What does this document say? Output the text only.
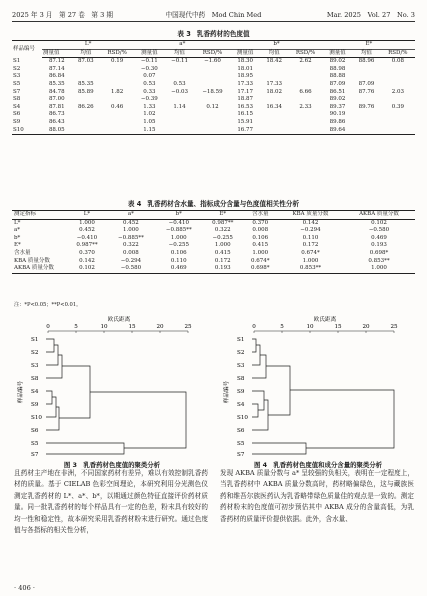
2025 年 3 月　第 27 卷　第 3 期	中国现代中药　Mod Chin Med	Mar. 2025　Vol. 27　No. 3
表 3 乳香药材的色度值
样品编号	L*			a*			b*			E*		
	测量值	均值	RSD/%	测量值	均值	RSD/%	测量值	均值	RSD/%	测量值	均值	RSD/%
S1	87.12	87.03	0.19	−0.11	−0.11	−1.60	18.30	18.42	2.62	89.02	88.96	0.08
S2	87.14			−0.30			18.01			88.98		
S3	86.84			0.07			18.95			88.88		
S5	85.35	85.35		0.53	0.53		17.33	17.33		87.09	87.09	
S7	84.78	85.89	1.82	0.33	−0.03	−18.59	17.17	18.02	6.66	86.51	87.76	2.03
S8	87.00			−0.39			18.87			89.02		
S4	87.81	86.26	0.46	1.33	1.14	0.12	16.53	16.34	2.33	89.37	89.76	0.39
S6	86.73			1.02			16.15			90.19		
S9	86.43			1.05			15.91			89.86		
S10	88.05			1.15			16.77			89.64		
表 4 乳香药材含水量、指标成分含量与色度值相关性分析
测定指标	L*	a*	b*	E*	含水量	KBA 质量分数	AKBA 质量分数
L*	1.000	0.452	−0.410	0.987**	0.370	0.142	0.102
a*	0.452	1.000	−0.885**	0.322	0.008	−0.294	−0.580
b*	−0.410	−0.885**	1.000	−0.255	0.106	0.110	0.469
E*	0.987**	0.322	−0.255	1.000	0.415	0.172	0.193
含水量	0.370	0.008	0.106	0.415	1.000	0.674*	0.698*
KBA 质量分数	0.142	−0.294	0.110	0.172	0.674*	1.000	0.853**
AKBA 质量分数	0.102	−0.580	0.469	0.193	0.698*	0.853**	1.000
注：*P<0.05；**P<0.01。
欧氏距离
0	5	10	15	20	25
样品编号
S1
S2
S3
S8
S4
S9
S10
S6
S5
S7
图 3　 乳香药材色度值的聚类分析
欧氏距离
0	5	10	15	20	25
样品编号
S1
S2
S3
S8
S9
S4
S10
S6
S5
S7
图 4　 乳香药材色度值和成分含量的聚类分析
且药材主产地在非洲，不同国家药材有差异，难以有效控制乳香药材的质量。基于 CIELAB 色彩空间理论，本研究利用分光测色仪测定乳香药材的 L*、a*、b*，以期通过颜色特征直接评价药材质量。同一批乳香药材的每个样品具有一定的色差，粉末具有较好的均一性和稳定性，故本研究采用乳香药材粉末进行研究。通过色度值与各指标的相关性分析，
发现 AKBA 质量分数与 a* 呈较强的负相关，表明在一定程度上，当乳香药材中 AKBA 质量分数高时，药材略偏绿色，这与藏族医药和维吾尔族医药认为乳香略带绿色质量佳的观点是一致的。测定药材粉末的色度值可初步预估其中 AKBA 成分的含量高低，为乳香药材的质量评价提供依据。此外，含水量、
· 406 ·
